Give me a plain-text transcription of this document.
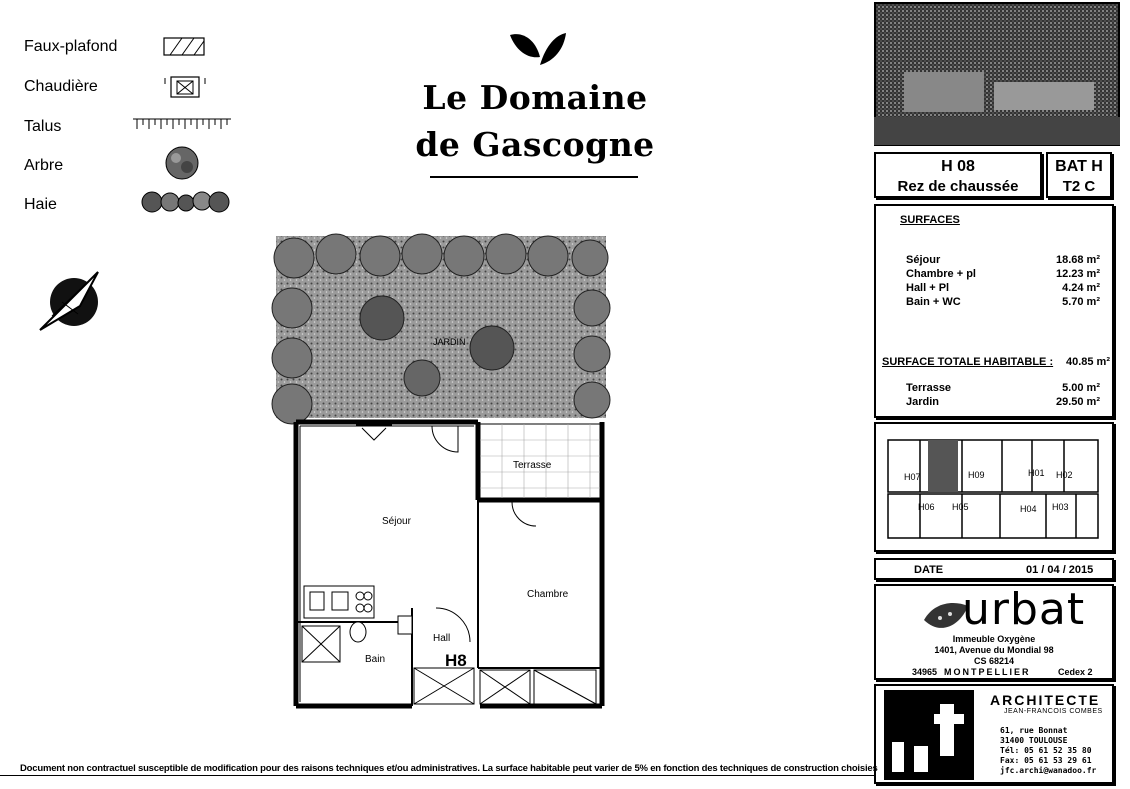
Faux-plafond
Chaudière
Talus
Arbre
Haie
Le Domaine
de Gascogne
JARDIN
Terrasse
Séjour
Chambre
Hall
Bain	H8
H 08
Rez de chaussée
BAT H
T2 C
SURFACES
Séjour	18.68 m²
Chambre + pl	12.23 m²
Hall + Pl	4.24 m²
Bain + WC	5.70 m²
SURFACE TOTALE HABITABLE :	40.85 m²
Terrasse	5.00 m²
Jardin	29.50 m²
H07	H09	H01 H02
H06 H05	H04 H03
DATE	01 / 04 / 2015
urbat
Immeuble Oxygène
1401, Avenue du Mondial 98
CS 68214
34965 MONTPELLIER	Cedex 2
ARCHITECTE
JEAN-FRANCOIS COMBES
61, rue Bonnat
31400 TOULOUSE
Tél: 05 61 52 35 80
Fax: 05 61 53 29 61
jfc.archi@wanadoo.fr
Document non contractuel susceptible de modification pour des raisons techniques et/ou administratives. La surface habitable peut varier de 5% en fonction des techniques de construction choisies
